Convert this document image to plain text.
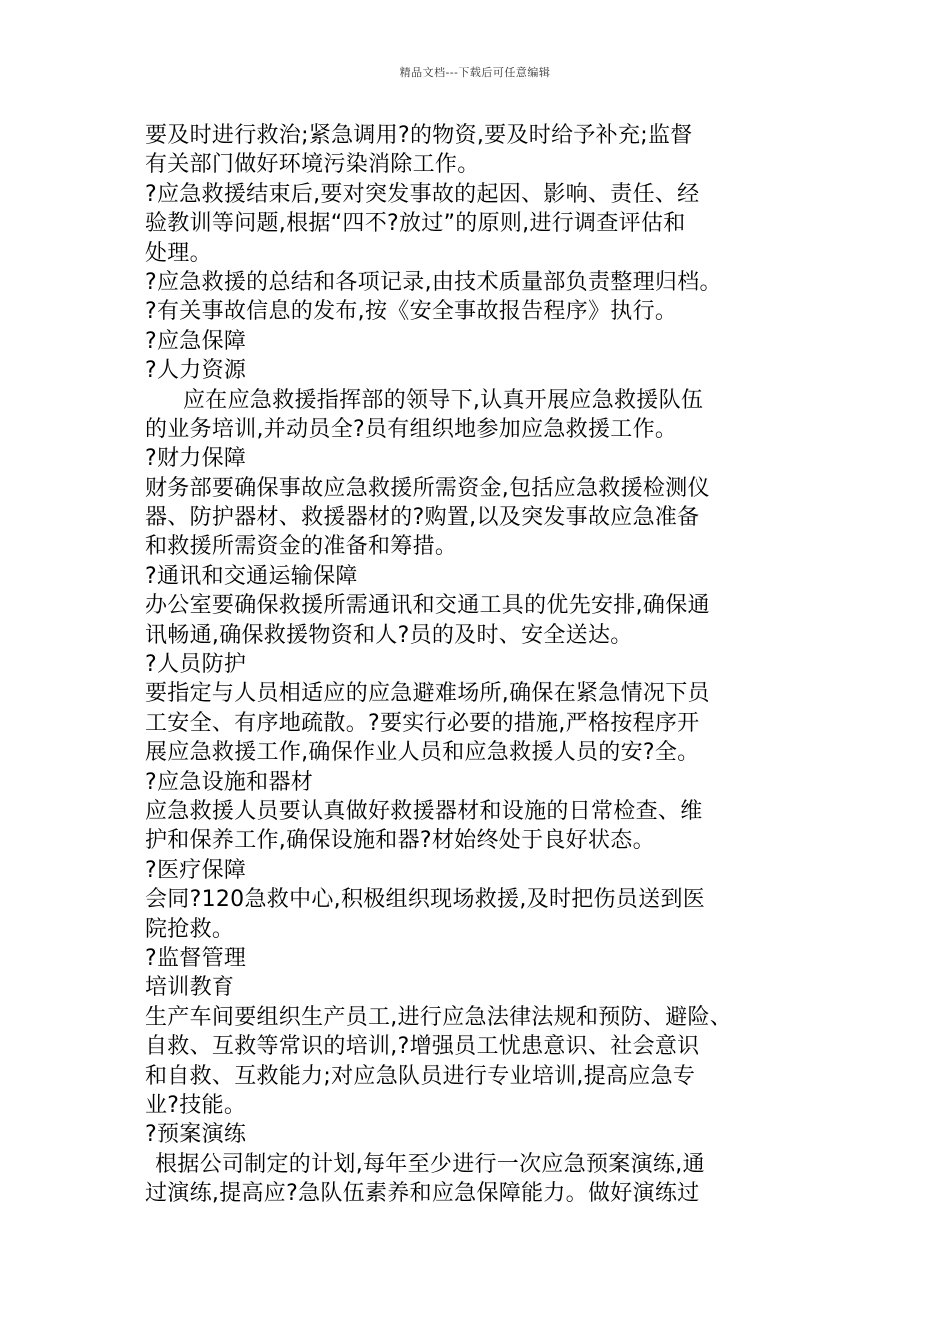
精品文档---下载后可任意编辑
要及时进行救治;紧急调用?的物资,要及时给予补充;监督
有关部门做好环境污染消除工作。
?应急救援结束后,要对突发事故的起因、影响、责任、经
验教训等问题,根据“四不?放过”的原则,进行调查评估和
处理。
?应急救援的总结和各项记录,由技术质量部负责整理归档。
?有关事故信息的发布,按《安全事故报告程序》执行。
?应急保障
?人力资源
应在应急救援指挥部的领导下,认真开展应急救援队伍
的业务培训,并动员全?员有组织地参加应急救援工作。
?财力保障
财务部要确保事故应急救援所需资金,包括应急救援检测仪
器、防护器材、救援器材的?购置,以及突发事故应急准备
和救援所需资金的准备和筹措。
?通讯和交通运输保障
办公室要确保救援所需通讯和交通工具的优先安排,确保通
讯畅通,确保救援物资和人?员的及时、安全送达。
?人员防护
要指定与人员相适应的应急避难场所,确保在紧急情况下员
工安全、有序地疏散。?要实行必要的措施,严格按程序开
展应急救援工作,确保作业人员和应急救援人员的安?全。
?应急设施和器材
应急救援人员要认真做好救援器材和设施的日常检查、维
护和保养工作,确保设施和器?材始终处于良好状态。
?医疗保障
会同?120急救中心,积极组织现场救援,及时把伤员送到医
院抢救。
?监督管理
培训教育
生产车间要组织生产员工,进行应急法律法规和预防、避险、
自救、互救等常识的培训,?增强员工忧患意识、社会意识
和自救、互救能力;对应急队员进行专业培训,提高应急专
业?技能。
?预案演练
根据公司制定的计划,每年至少进行一次应急预案演练,通
过演练,提高应?急队伍素养和应急保障能力。做好演练过
